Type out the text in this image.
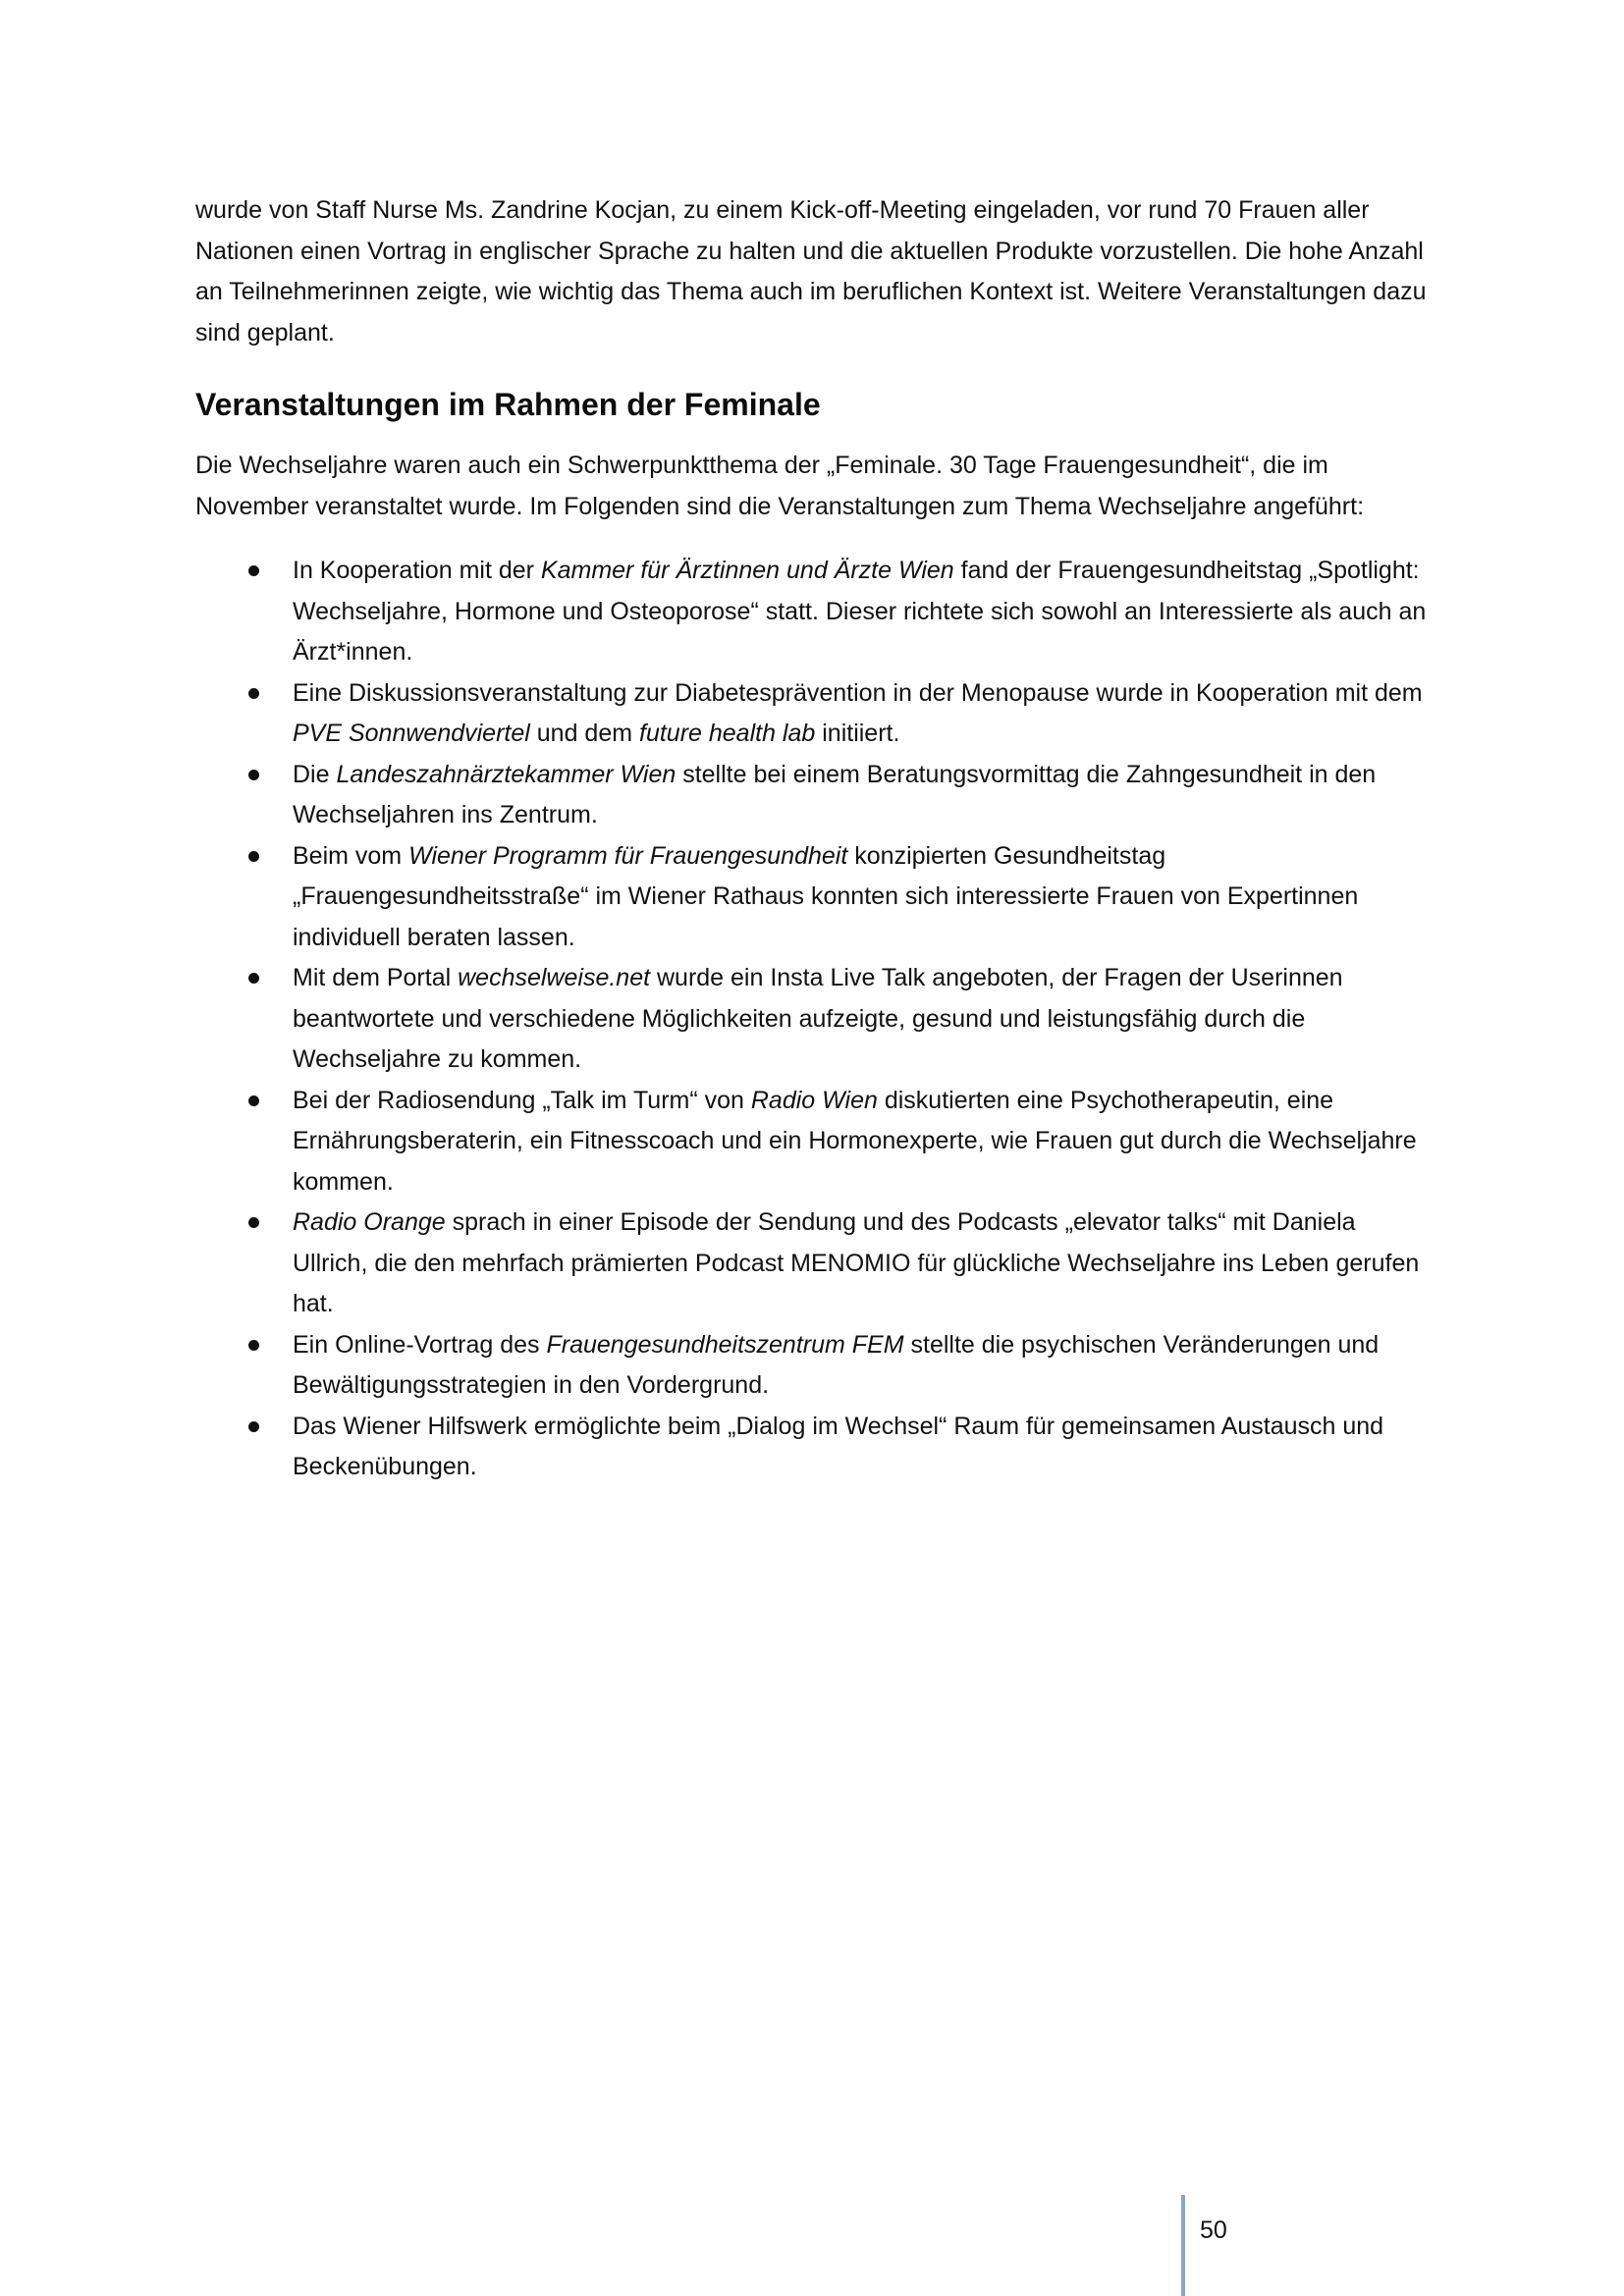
wurde von Staff Nurse Ms. Zandrine Kocjan, zu einem Kick-off-Meeting eingeladen, vor rund 70 Frauen aller Nationen einen Vortrag in englischer Sprache zu halten und die aktuellen Produkte vorzustellen. Die hohe Anzahl an Teilnehmerinnen zeigte, wie wichtig das Thema auch im beruflichen Kontext ist. Weitere Veranstaltungen dazu sind geplant.

Veranstaltungen im Rahmen der Feminale

Die Wechseljahre waren auch ein Schwerpunktthema der „Feminale. 30 Tage Frauengesundheit“, die im November veranstaltet wurde. Im Folgenden sind die Veranstaltungen zum Thema Wechseljahre angeführt:

In Kooperation mit der Kammer für Ärztinnen und Ärzte Wien fand der Frauengesundheitstag „Spotlight: Wechseljahre, Hormone und Osteoporose“ statt. Dieser richtete sich sowohl an Interessierte als auch an Ärzt*innen.
Eine Diskussionsveranstaltung zur Diabetesprävention in der Menopause wurde in Kooperation mit dem PVE Sonnwendviertel und dem future health lab initiiert.
Die Landeszahnärztekammer Wien stellte bei einem Beratungsvormittag die Zahngesundheit in den Wechseljahren ins Zentrum.
Beim vom Wiener Programm für Frauengesundheit konzipierten Gesundheitstag „Frauengesundheitsstraße“ im Wiener Rathaus konnten sich interessierte Frauen von Expertinnen individuell beraten lassen.
Mit dem Portal wechselweise.net wurde ein Insta Live Talk angeboten, der Fragen der Userinnen beantwortete und verschiedene Möglichkeiten aufzeigte, gesund und leistungsfähig durch die Wechseljahre zu kommen.
Bei der Radiosendung „Talk im Turm“ von Radio Wien diskutierten eine Psychotherapeutin, eine Ernährungsberaterin, ein Fitnesscoach und ein Hormonexperte, wie Frauen gut durch die Wechseljahre kommen.
Radio Orange sprach in einer Episode der Sendung und des Podcasts „elevator talks“ mit Daniela Ullrich, die den mehrfach prämierten Podcast MENOMIO für glückliche Wechseljahre ins Leben gerufen hat.
Ein Online-Vortrag des Frauengesundheitszentrum FEM stellte die psychischen Veränderungen und Bewältigungsstrategien in den Vordergrund.
Das Wiener Hilfswerk ermöglichte beim „Dialog im Wechsel“ Raum für gemeinsamen Austausch und Beckenübungen.
50
